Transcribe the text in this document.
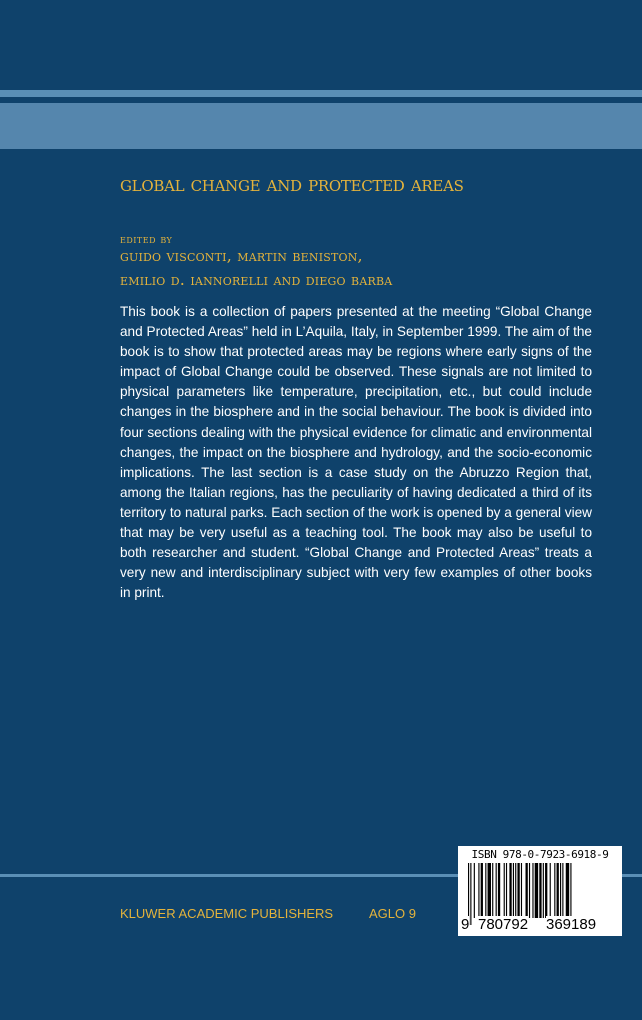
global change and protected areas
edited by
guido visconti, martin beniston,
emilio d. iannorelli and diego barba

This book is a collection of papers presented at the meeting “Global Change and Protected Areas” held in L’Aquila, Italy, in September 1999. The aim of the book is to show that protected areas may be regions where early signs of the impact of Global Change could be observed. These signals are not limited to physical parameters like temperature, precipitation, etc., but could include changes in the biosphere and in the social behaviour. The book is divided into four sections dealing with the physical evidence for climatic and environmental changes, the impact on the biosphere and hydrology, and the socio-economic implications. The last section is a case study on the Abruzzo Region that, among the Italian regions, has the peculiarity of having dedicated a third of its territory to natural parks. Each section of the work is opened by a general view that may be very useful as a teaching tool. The book may also be useful to both researcher and student. “Global Change and Protected Areas” treats a very new and interdisciplinary subject with very few examples of other books in print.

KLUWER ACADEMIC PUBLISHERS	AGLO 9
ISBN 978-0-7923-6918-9
9 780792 369189
